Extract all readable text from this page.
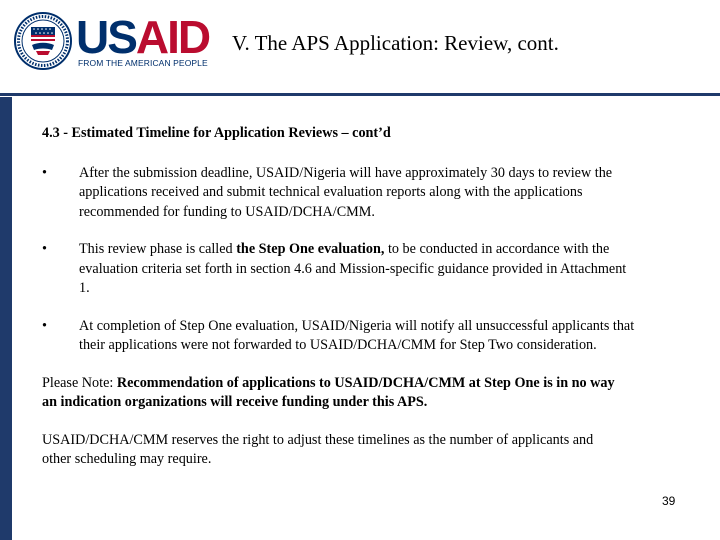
USAID
FROM THE AMERICAN PEOPLE
V. The APS Application: Review, cont.

4.3 - Estimated Timeline for Application Reviews – cont’d

• After the submission deadline, USAID/Nigeria will have approximately 30 days to review the applications received and submit technical evaluation reports along with the applications recommended for funding to USAID/DCHA/CMM.
• This review phase is called the Step One evaluation, to be conducted in accordance with the evaluation criteria set forth in section 4.6 and Mission-specific guidance provided in Attachment 1.
• At completion of Step One evaluation, USAID/Nigeria will notify all unsuccessful applicants that their applications were not forwarded to USAID/DCHA/CMM for Step Two consideration.

Please Note: Recommendation of applications to USAID/DCHA/CMM at Step One is in no way an indication organizations will receive funding under this APS.

USAID/DCHA/CMM reserves the right to adjust these timelines as the number of applicants and other scheduling may require.

39
